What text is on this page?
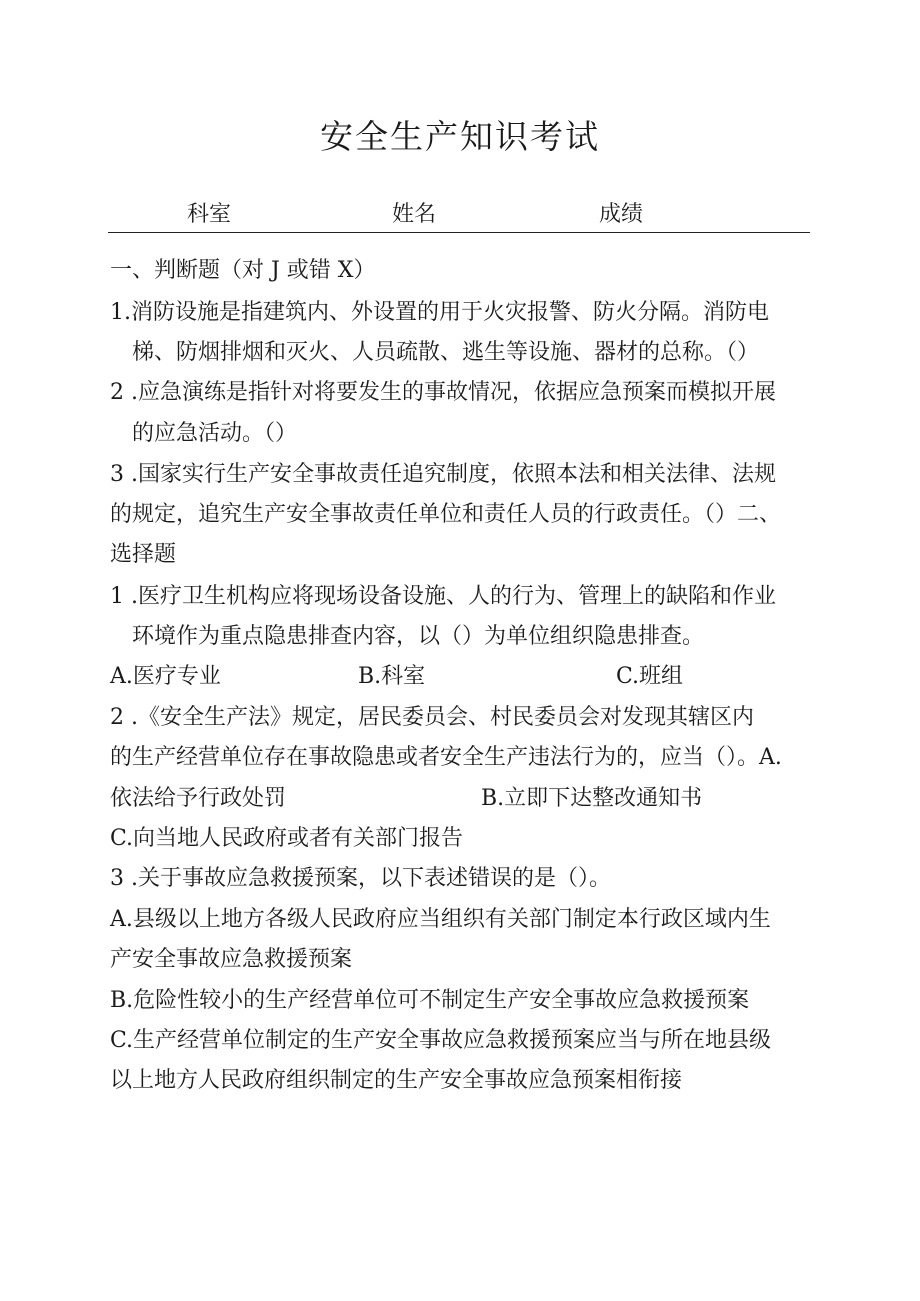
安全生产知识考试
科室	姓名	成绩
一、判断题（对 J 或错 X）
1.消防设施是指建筑内、外设置的用于火灾报警、防火分隔。消防电
梯、防烟排烟和灭火、人员疏散、逃生等设施、器材的总称。（）
2 .应急演练是指针对将要发生的事故情况，依据应急预案而模拟开展
的应急活动。（）
3 .国家实行生产安全事故责任追究制度，依照本法和相关法律、法规
的规定，追究生产安全事故责任单位和责任人员的行政责任。（）二、
选择题
1 .医疗卫生机构应将现场设备设施、人的行为、管理上的缺陷和作业
环境作为重点隐患排查内容，以（）为单位组织隐患排查。
A.医疗专业	B.科室	C.班组
2 .《安全生产法》规定，居民委员会、村民委员会对发现其辖区内
的生产经营单位存在事故隐患或者安全生产违法行为的，应当（）。A.
依法给予行政处罚	B.立即下达整改通知书
C.向当地人民政府或者有关部门报告
3 .关于事故应急救援预案，以下表述错误的是（）。
A.县级以上地方各级人民政府应当组织有关部门制定本行政区域内生
产安全事故应急救援预案
B.危险性较小的生产经营单位可不制定生产安全事故应急救援预案
C.生产经营单位制定的生产安全事故应急救援预案应当与所在地县级
以上地方人民政府组织制定的生产安全事故应急预案相衔接
